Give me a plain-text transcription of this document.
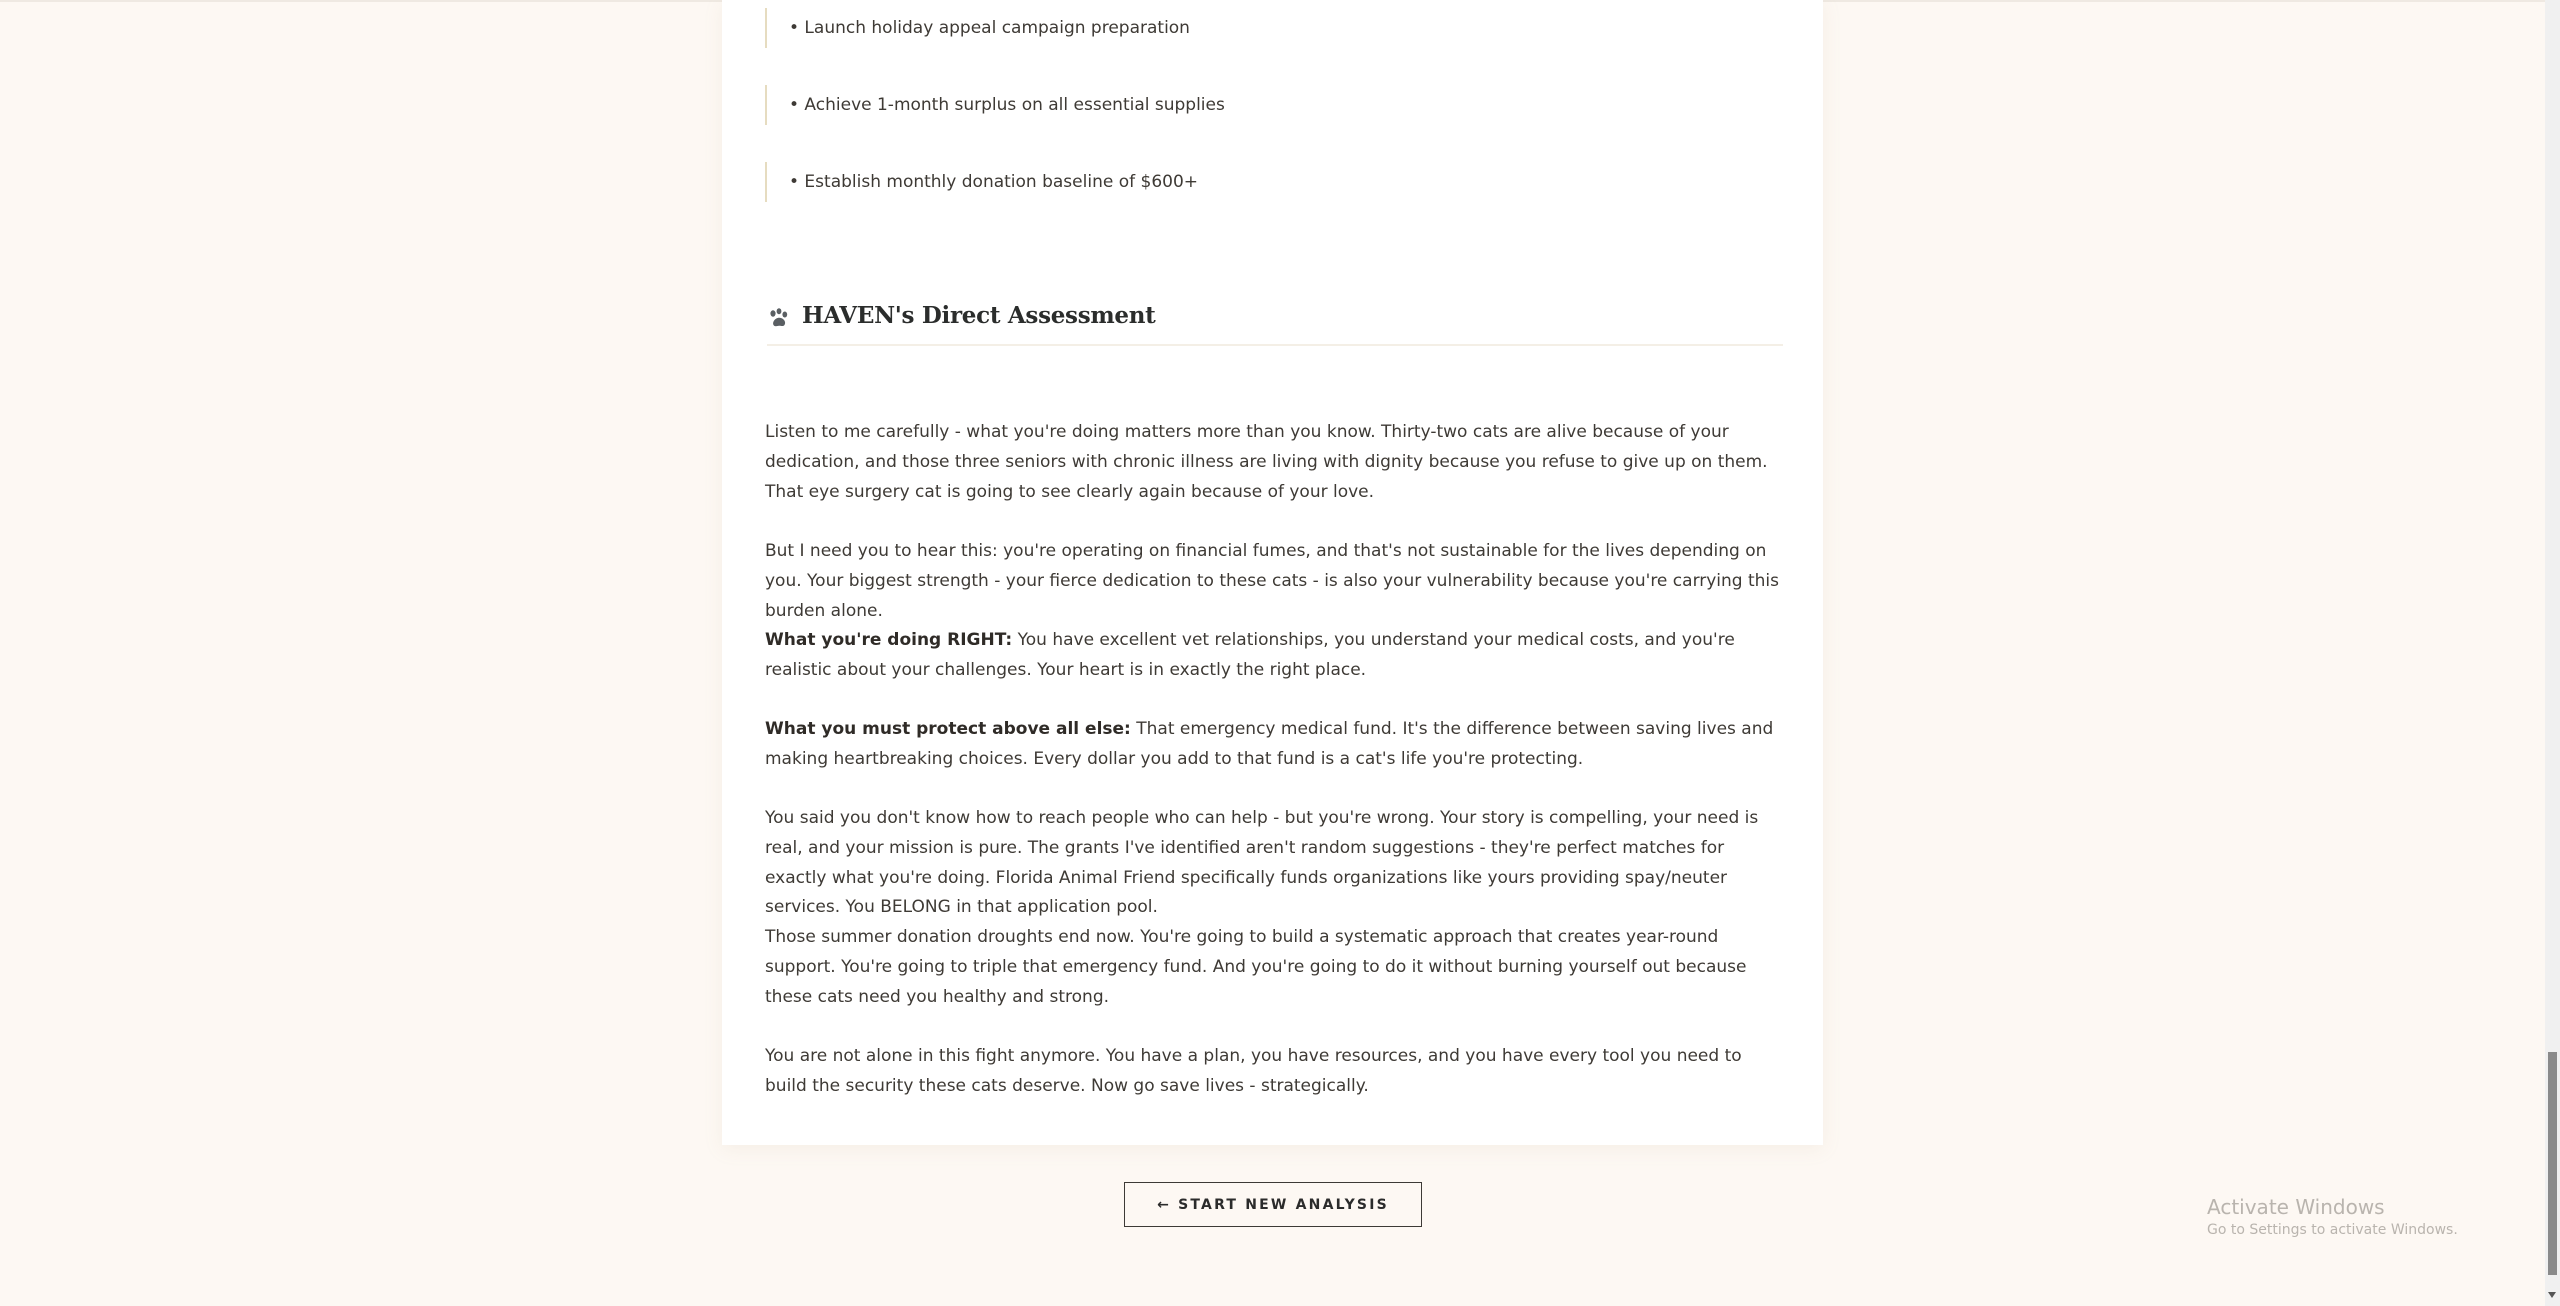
• Launch holiday appeal campaign preparation
• Achieve 1-month surplus on all essential supplies
• Establish monthly donation baseline of $600+
HAVEN's Direct Assessment

Listen to me carefully - what you're doing matters more than you know. Thirty-two cats are alive because of your dedication, and those three seniors with chronic illness are living with dignity because you refuse to give up on them. That eye surgery cat is going to see clearly again because of your love.

But I need you to hear this: you're operating on financial fumes, and that's not sustainable for the lives depending on you. Your biggest strength - your fierce dedication to these cats - is also your vulnerability because you're carrying this burden alone.

What you're doing RIGHT: You have excellent vet relationships, you understand your medical costs, and you're realistic about your challenges. Your heart is in exactly the right place.

What you must protect above all else: That emergency medical fund. It's the difference between saving lives and making heartbreaking choices. Every dollar you add to that fund is a cat's life you're protecting.

You said you don't know how to reach people who can help - but you're wrong. Your story is compelling, your need is real, and your mission is pure. The grants I've identified aren't random suggestions - they're perfect matches for exactly what you're doing. Florida Animal Friend specifically funds organizations like yours providing spay/neuter services. You BELONG in that application pool.

Those summer donation droughts end now. You're going to build a systematic approach that creates year-round support. You're going to triple that emergency fund. And you're going to do it without burning yourself out because these cats need you healthy and strong.

You are not alone in this fight anymore. You have a plan, you have resources, and you have every tool you need to build the security these cats deserve. Now go save lives - strategically.

← START NEW ANALYSIS	Activate Windows
Go to Settings to activate Windows.
